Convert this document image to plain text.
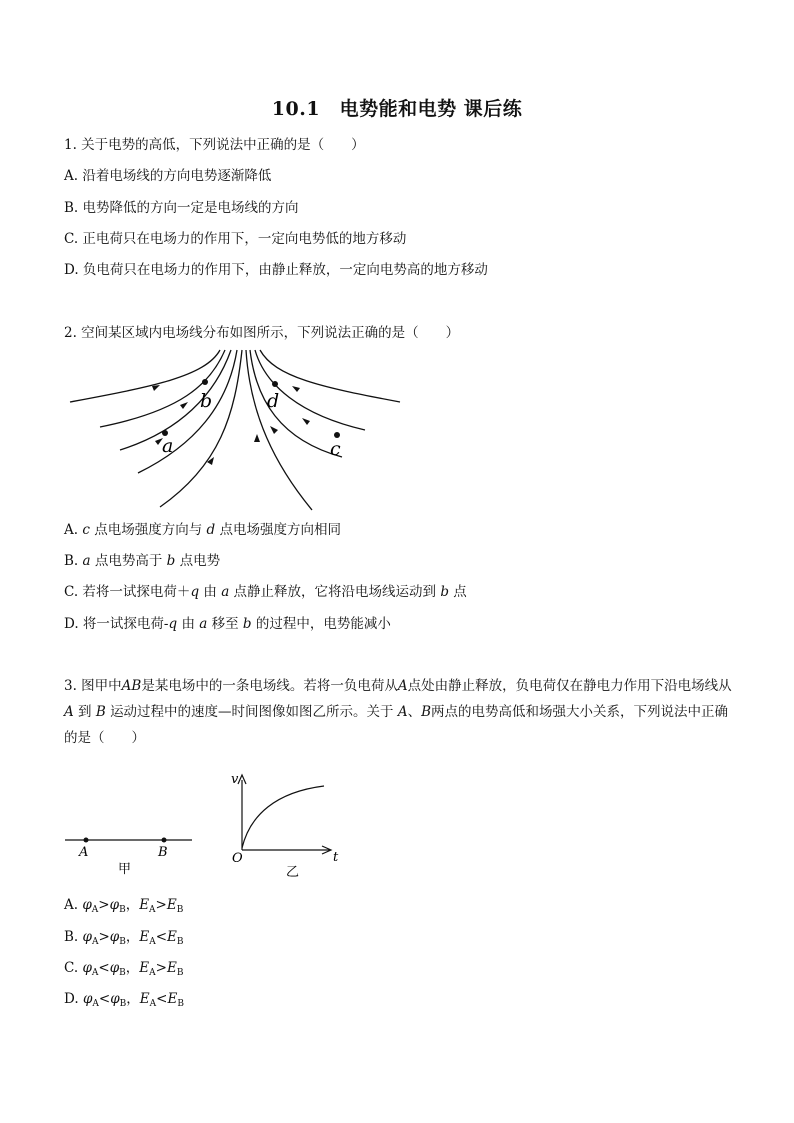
10.1　电势能和电势 课后练
1. 关于电势的高低，下列说法中正确的是（　　）
A. 沿着电场线的方向电势逐渐降低
B. 电势降低的方向一定是电场线的方向
C. 正电荷只在电场力的作用下，一定向电势低的地方移动
D. 负电荷只在电场力的作用下，由静止释放，一定向电势高的地方移动
2. 空间某区域内电场线分布如图所示，下列说法正确的是（　　）
a
b	d
c
A. c 点电场强度方向与 d 点电场强度方向相同
B. a 点电势高于 b 点电势
C. 若将一试探电荷＋q 由 a 点静止释放，它将沿电场线运动到 b 点
D. 将一试探电荷-q 由 a 移至 b 的过程中，电势能减小
3. 图甲中AB是某电场中的一条电场线。若将一负电荷从A点处由静止释放，负电荷仅在静电力作用下沿电场线从 A 到 B 运动过程中的速度—时间图像如图乙所示。关于 A、B两点的电势高低和场强大小关系，下列说法中正确的是（　　）
A	B
甲
v
t
O
乙
A. $\varphi_A>\varphi_B$，$E_A>E_B$
B. $\varphi_A>\varphi_B$，$E_A<E_B$
C. $\varphi_A<\varphi_B$，$E_A>E_B$
D. $\varphi_A<\varphi_B$，$E_A<E_B$
